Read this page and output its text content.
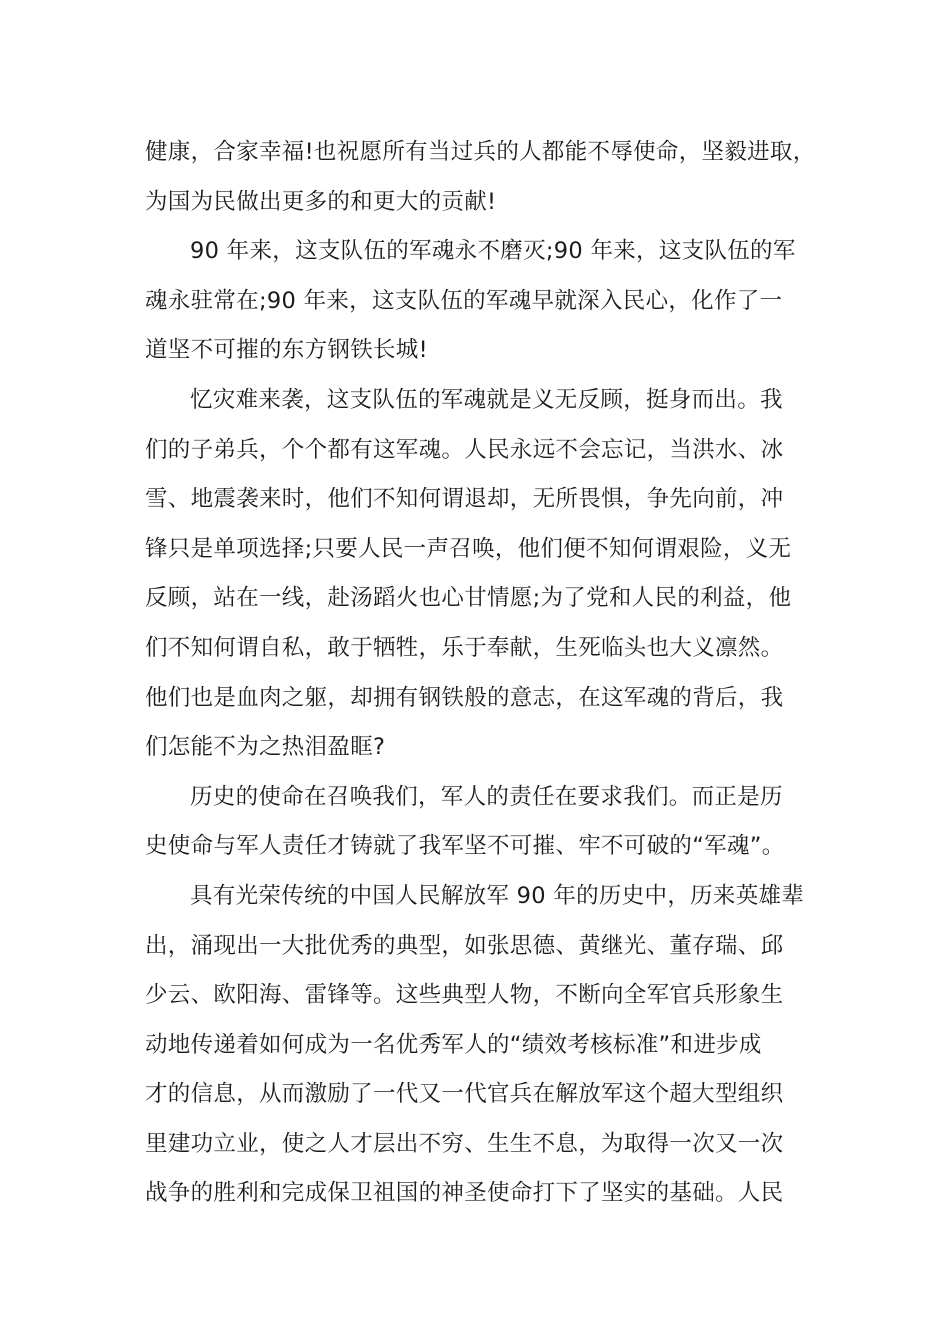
健康，合家幸福!也祝愿所有当过兵的人都能不辱使命，坚毅进取，

为国为民做出更多的和更大的贡献!

90 年来，这支队伍的军魂永不磨灭;90 年来，这支队伍的军

魂永驻常在;90 年来，这支队伍的军魂早就深入民心，化作了一

道坚不可摧的东方钢铁长城!

忆灾难来袭，这支队伍的军魂就是义无反顾，挺身而出。我

们的子弟兵，个个都有这军魂。人民永远不会忘记，当洪水、冰

雪、地震袭来时，他们不知何谓退却，无所畏惧，争先向前，冲

锋只是单项选择;只要人民一声召唤，他们便不知何谓艰险，义无

反顾，站在一线，赴汤蹈火也心甘情愿;为了党和人民的利益，他

们不知何谓自私，敢于牺牲，乐于奉献，生死临头也大义凛然。

他们也是血肉之躯，却拥有钢铁般的意志，在这军魂的背后，我

们怎能不为之热泪盈眶?

历史的使命在召唤我们，军人的责任在要求我们。而正是历

史使命与军人责任才铸就了我军坚不可摧、牢不可破的“军魂”。

具有光荣传统的中国人民解放军 90 年的历史中，历来英雄辈

出，涌现出一大批优秀的典型，如张思德、黄继光、董存瑞、邱

少云、欧阳海、雷锋等。这些典型人物，不断向全军官兵形象生

动地传递着如何成为一名优秀军人的“绩效考核标准”和进步成

才的信息，从而激励了一代又一代官兵在解放军这个超大型组织

里建功立业，使之人才层出不穷、生生不息，为取得一次又一次

战争的胜利和完成保卫祖国的神圣使命打下了坚实的基础。人民
